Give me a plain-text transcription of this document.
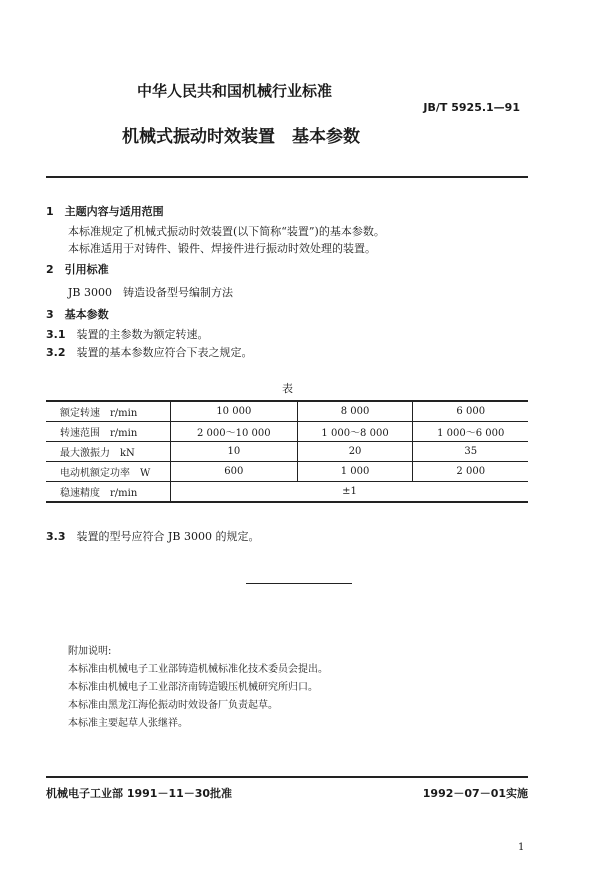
中华人民共和国机械行业标准
JB/T 5925.1—91
机械式振动时效装置　基本参数
1　 主题内容与适用范围
本标准规定了机械式振动时效装置(以下简称“装置”)的基本参数。
本标准适用于对铸件、锻件、焊接件进行振动时效处理的装置。
2　 引用标准
JB 3000　铸造设备型号编制方法
3　 基本参数
3.1　 装置的主参数为额定转速。
3.2　 装置的基本参数应符合下表之规定。
表
额定转速　r/min	10 000	8 000	6 000
转速范围　r/min	2 000～10 000	1 000～8 000	1 000～6 000
最大激振力　kN	10	20	35
电动机额定功率　W	600	1 000	2 000
稳速精度　r/min	±1		
3.3　 装置的型号应符合 JB 3000 的规定。
附加说明:
本标准由机械电子工业部铸造机械标准化技术委员会提出。
本标准由机械电子工业部济南铸造锻压机械研究所归口。
本标准由黑龙江海伦振动时效设备厂负责起草。
本标准主要起草人张继祥。
机械电子工业部 1991－11－30批准	1992－07－01实施
1
